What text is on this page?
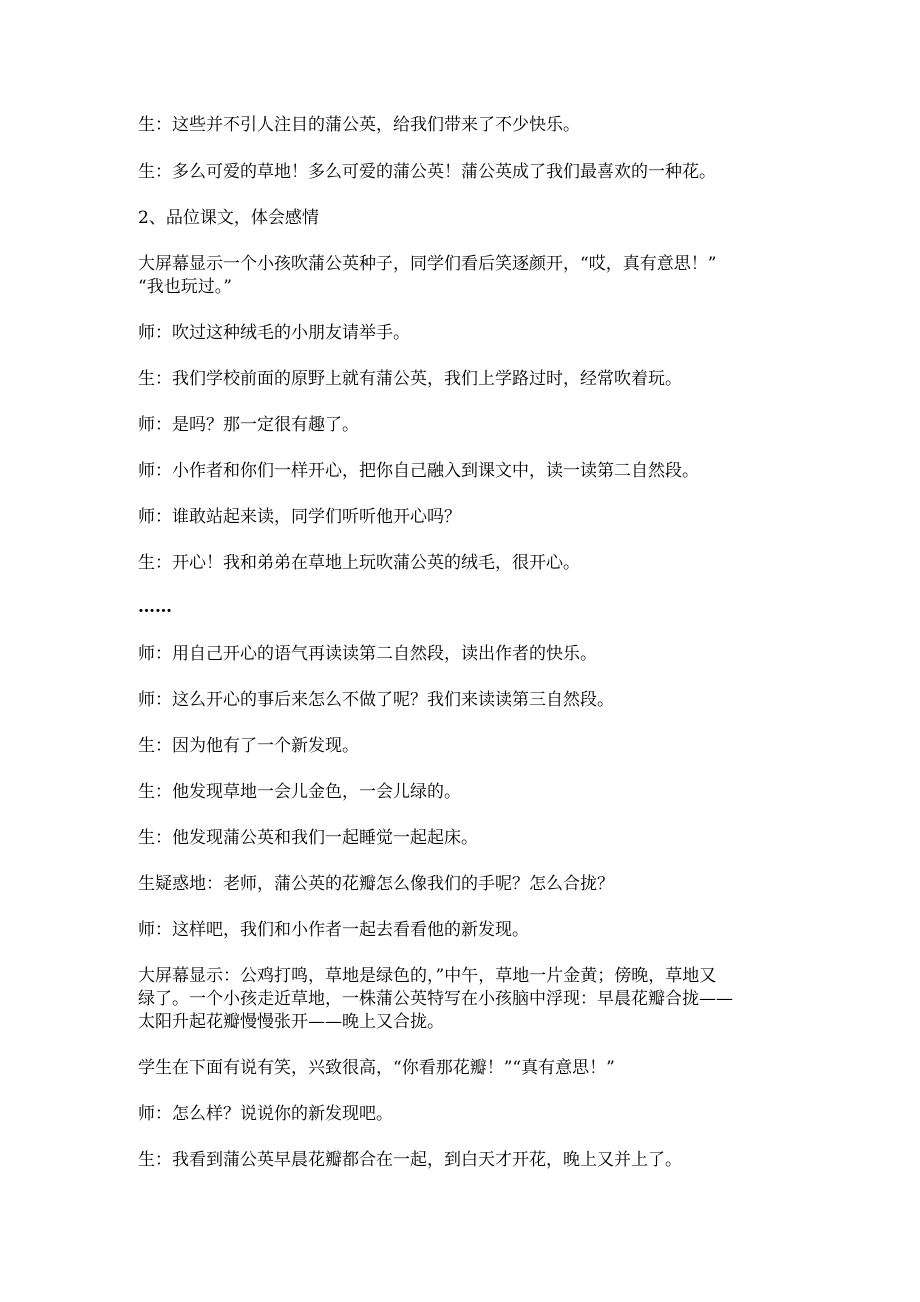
生：这些并不引人注目的蒲公英，给我们带来了不少快乐。

生：多么可爱的草地！多么可爱的蒲公英！蒲公英成了我们最喜欢的一种花。

2、品位课文，体会感情

大屏幕显示一个小孩吹蒲公英种子，同学们看后笑逐颜开，“哎，真有意思！”

“我也玩过。”

师：吹过这种绒毛的小朋友请举手。

生：我们学校前面的原野上就有蒲公英，我们上学路过时，经常吹着玩。

师：是吗？那一定很有趣了。

师：小作者和你们一样开心，把你自己融入到课文中，读一读第二自然段。

师：谁敢站起来读，同学们听听他开心吗？

生：开心！我和弟弟在草地上玩吹蒲公英的绒毛，很开心。

……

师：用自己开心的语气再读读第二自然段，读出作者的快乐。

师：这么开心的事后来怎么不做了呢？我们来读读第三自然段。

生：因为他有了一个新发现。

生：他发现草地一会儿金色，一会儿绿的。

生：他发现蒲公英和我们一起睡觉一起起床。

生疑惑地：老师，蒲公英的花瓣怎么像我们的手呢？怎么合拢？

师：这样吧，我们和小作者一起去看看他的新发现。

大屏幕显示：公鸡打鸣，草地是绿色的，”中午，草地一片金黄；傍晚，草地又

绿了。一个小孩走近草地，一株蒲公英特写在小孩脑中浮现：早晨花瓣合拢——

太阳升起花瓣慢慢张开——晚上又合拢。

学生在下面有说有笑，兴致很高，“你看那花瓣！”“真有意思！”

师：怎么样？说说你的新发现吧。

生：我看到蒲公英早晨花瓣都合在一起，到白天才开花，晚上又并上了。
